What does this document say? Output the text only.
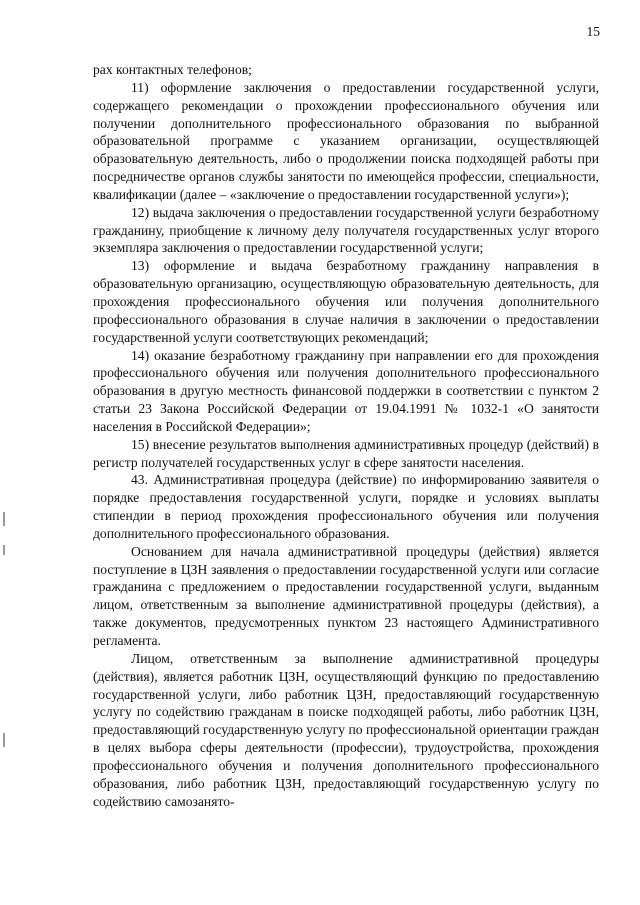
15

рах контактных телефонов;

11) оформление заключения о предоставлении государственной услуги, содержащего рекомендации о прохождении профессионального обучения или получении дополнительного профессионального образования по выбранной образовательной программе с указанием организации, осуществляющей образовательную деятельность, либо о продолжении поиска подходящей работы при посредничестве органов службы занятости по имеющейся профессии, специальности, квалификации (далее – «заключение о предоставлении государственной услуги»);

12) выдача заключения о предоставлении государственной услуги безработному гражданину, приобщение к личному делу получателя государственных услуг второго экземпляра заключения о предоставлении государственной услуги;

13) оформление и выдача безработному гражданину направления в образовательную организацию, осуществляющую образовательную деятельность, для прохождения профессионального обучения или получения дополнительного профессионального образования в случае наличия в заключении о предоставлении государственной услуги соответствующих рекомендаций;

14) оказание безработному гражданину при направлении его для прохождения профессионального обучения или получения дополнительного профессионального образования в другую местность финансовой поддержки в соответствии с пунктом 2 статьи 23 Закона Российской Федерации от 19.04.1991 № 1032-1 «О занятости населения в Российской Федерации»;

15) внесение результатов выполнения административных процедур (действий) в регистр получателей государственных услуг в сфере занятости населения.

43. Административная процедура (действие) по информированию заявителя о порядке предоставления государственной услуги, порядке и условиях выплаты стипендии в период прохождения профессионального обучения или получения дополнительного профессионального образования.

Основанием для начала административной процедуры (действия) является поступление в ЦЗН заявления о предоставлении государственной услуги или согласие гражданина с предложением о предоставлении государственной услуги, выданным лицом, ответственным за выполнение административной процедуры (действия), а также документов, предусмотренных пунктом 23 настоящего Административного регламента.

Лицом, ответственным за выполнение административной процедуры (действия), является работник ЦЗН, осуществляющий функцию по предоставлению государственной услуги, либо работник ЦЗН, предоставляющий государственную услугу по содействию гражданам в поиске подходящей работы, либо работник ЦЗН, предоставляющий государственную услугу по профессиональной ориентации граждан в целях выбора сферы деятельности (профессии), трудоустройства, прохождения профессионального обучения и получения дополнительного профессионального образования, либо работник ЦЗН, предоставляющий государственную услугу по содействию самозанято-
